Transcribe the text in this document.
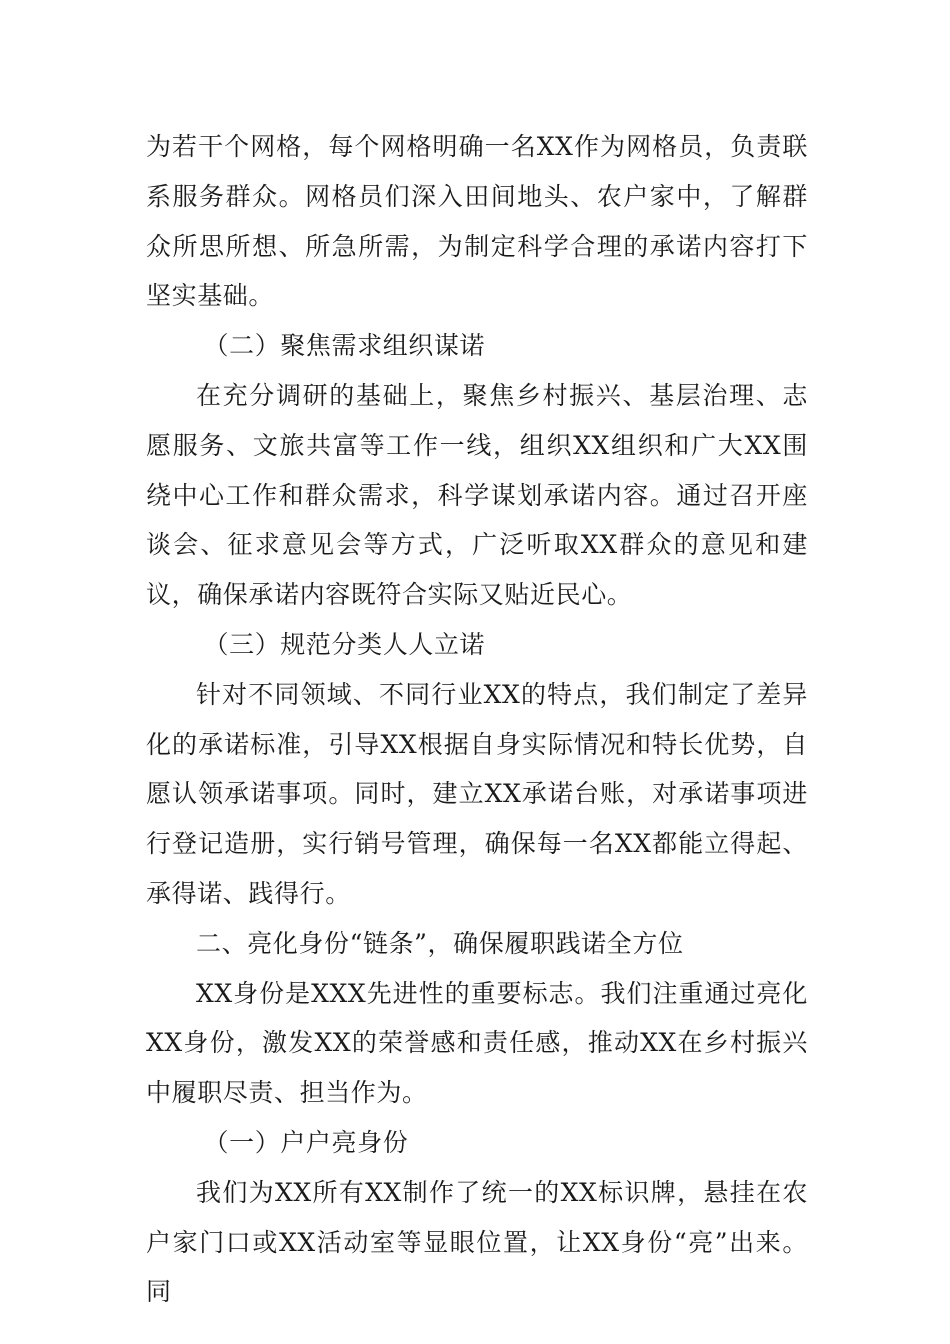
为若干个网格，每个网格明确一名XX作为网格员，负责联系服务群众。网格员们深入田间地头、农户家中，了解群众所思所想、所急所需，为制定科学合理的承诺内容打下坚实基础。

（二）聚焦需求组织谋诺

在充分调研的基础上，聚焦乡村振兴、基层治理、志愿服务、文旅共富等工作一线，组织XX组织和广大XX围绕中心工作和群众需求，科学谋划承诺内容。通过召开座谈会、征求意见会等方式，广泛听取XX群众的意见和建议，确保承诺内容既符合实际又贴近民心。

（三）规范分类人人立诺

针对不同领域、不同行业XX的特点，我们制定了差异化的承诺标准，引导XX根据自身实际情况和特长优势，自愿认领承诺事项。同时，建立XX承诺台账，对承诺事项进行登记造册，实行销号管理，确保每一名XX都能立得起、承得诺、践得行。

二、亮化身份“链条”，确保履职践诺全方位

XX身份是XXX先进性的重要标志。我们注重通过亮化XX身份，激发XX的荣誉感和责任感，推动XX在乡村振兴中履职尽责、担当作为。

（一）户户亮身份

我们为XX所有XX制作了统一的XX标识牌，悬挂在农户家门口或XX活动室等显眼位置，让XX身份“亮”出来。同
